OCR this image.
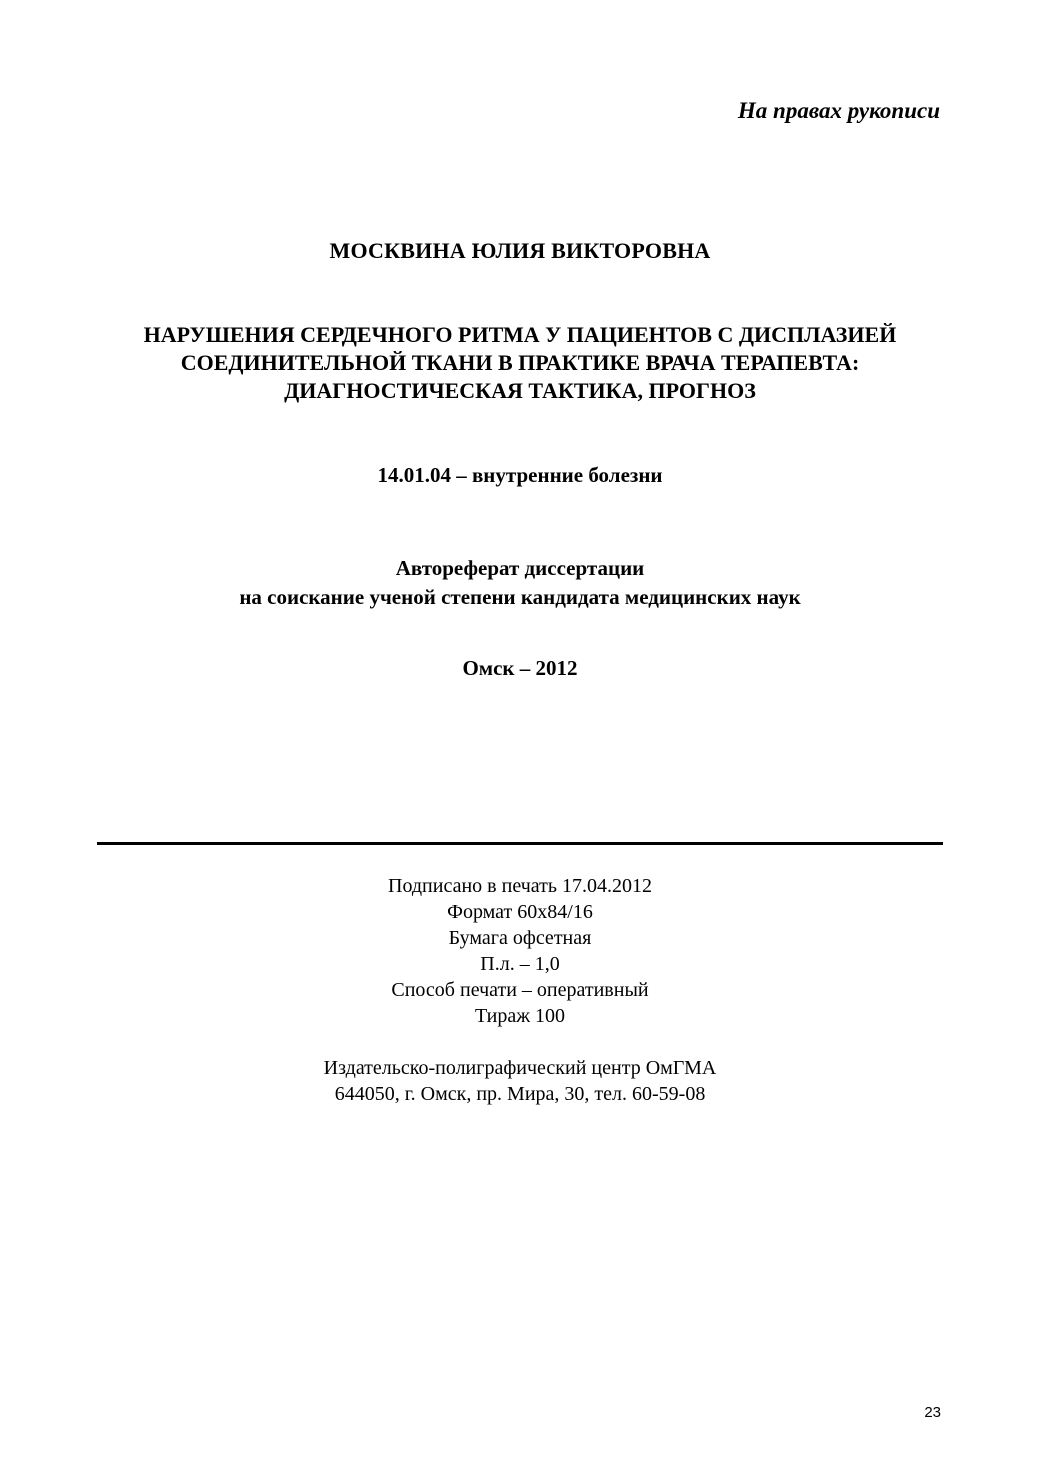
На правах рукописи
МОСКВИНА ЮЛИЯ ВИКТОРОВНА
НАРУШЕНИЯ СЕРДЕЧНОГО РИТМА У ПАЦИЕНТОВ С ДИСПЛАЗИЕЙ
СОЕДИНИТЕЛЬНОЙ ТКАНИ В ПРАКТИКЕ ВРАЧА ТЕРАПЕВТА:
ДИАГНОСТИЧЕСКАЯ ТАКТИКА, ПРОГНОЗ
14.01.04 – внутренние болезни
Автореферат диссертации
на соискание ученой степени кандидата медицинских наук
Омск – 2012
Подписано в печать 17.04.2012
Формат 60х84/16
Бумага офсетная
П.л. – 1,0
Способ печати – оперативный
Тираж 100
Издательско-полиграфический центр ОмГМА
644050, г. Омск, пр. Мира, 30, тел. 60-59-08
23
